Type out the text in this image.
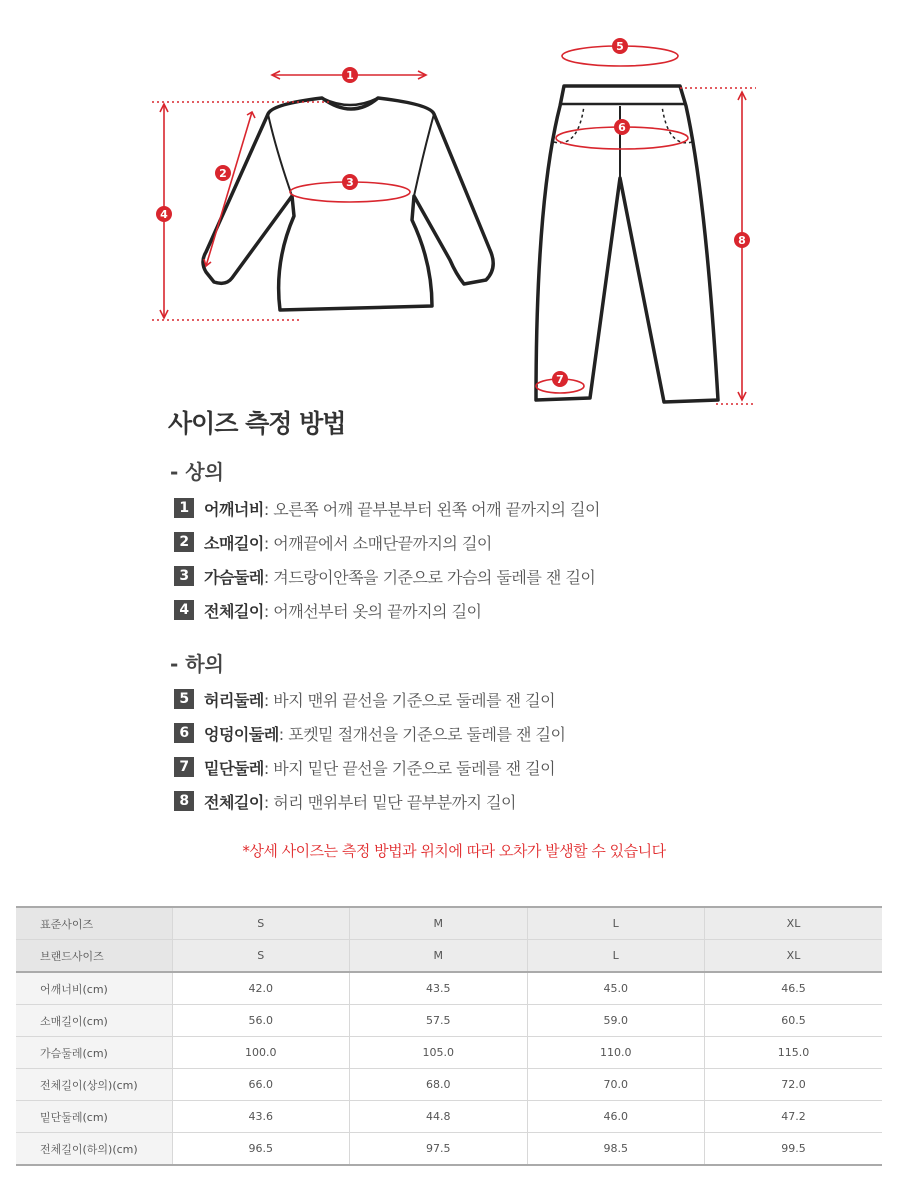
1
2
3
4
5
6
7
8
사이즈 측정 방법
- 상의
1 어깨너비 : 오른쪽 어깨 끝부분부터 왼쪽 어깨 끝까지의 길이
2 소매길이 : 어깨끝에서 소매단끝까지의 길이
3 가슴둘레 : 겨드랑이안쪽을 기준으로 가슴의 둘레를 잰 길이
4 전체길이 : 어깨선부터 옷의 끝까지의 길이
- 하의
5 허리둘레 : 바지 맨위 끝선을 기준으로 둘레를 잰 길이
6 엉덩이둘레 : 포켓밑 절개선을 기준으로 둘레를 잰 길이
7 밑단둘레 : 바지 밑단 끝선을 기준으로 둘레를 잰 길이
8 전체길이 : 허리 맨위부터 밑단 끝부분까지 길이
*상세 사이즈는 측정 방법과 위치에 따라 오차가 발생할 수 있습니다
표준사이즈	S	M	L	XL
브랜드사이즈	S	M	L	XL
어깨너비(cm)	42.0	43.5	45.0	46.5
소매길이(cm)	56.0	57.5	59.0	60.5
가슴둘레(cm)	100.0	105.0	110.0	115.0
전체길이(상의)(cm)	66.0	68.0	70.0	72.0
밑단둘레(cm)	43.6	44.8	46.0	47.2
전체길이(하의)(cm)	96.5	97.5	98.5	99.5
